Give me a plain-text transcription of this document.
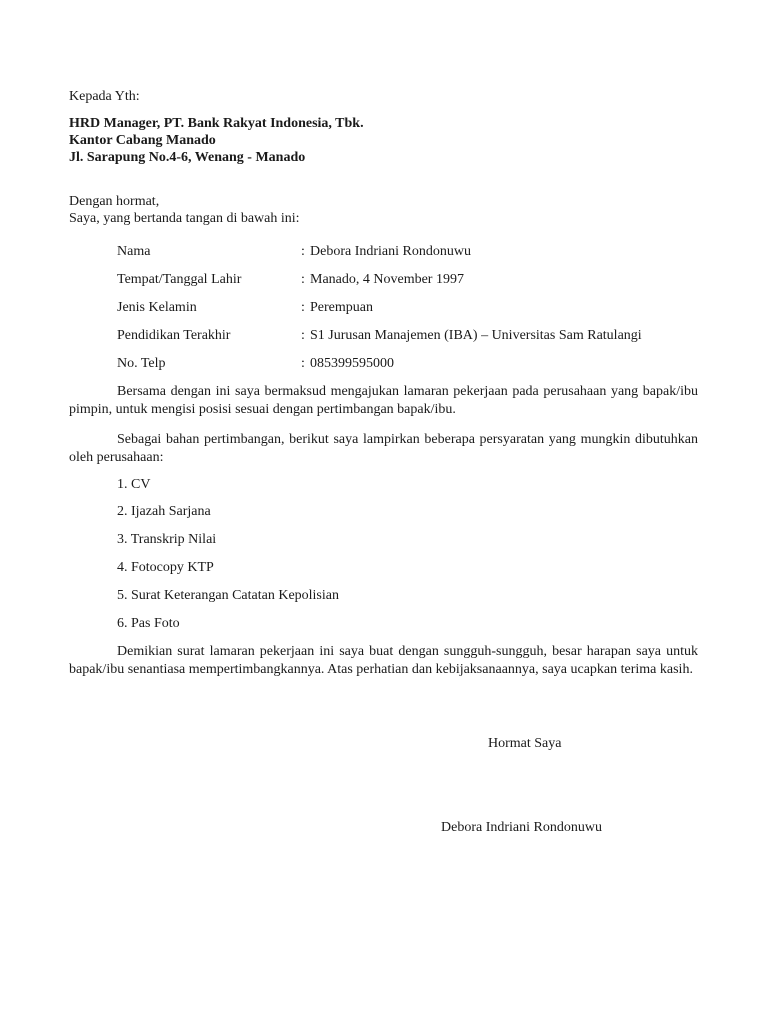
Kepada Yth:
HRD Manager, PT. Bank Rakyat Indonesia, Tbk.
Kantor Cabang Manado
Jl. Sarapung No.4-6, Wenang - Manado
Dengan hormat,
Saya, yang bertanda tangan di bawah ini:
Nama	: Debora Indriani Rondonuwu
Tempat/Tanggal Lahir	: Manado, 4 November 1997
Jenis Kelamin	: Perempuan
Pendidikan Terakhir	: S1 Jurusan Manajemen (IBA) – Universitas Sam Ratulangi
No. Telp	: 085399595000
Bersama dengan ini saya bermaksud mengajukan lamaran pekerjaan pada perusahaan yang bapak/ibu pimpin, untuk mengisi posisi sesuai dengan pertimbangan bapak/ibu.
Sebagai bahan pertimbangan, berikut saya lampirkan beberapa persyaratan yang mungkin dibutuhkan oleh perusahaan:
1. CV
2. Ijazah Sarjana
3. Transkrip Nilai
4. Fotocopy KTP
5. Surat Keterangan Catatan Kepolisian
6. Pas Foto
Demikian surat lamaran pekerjaan ini saya buat dengan sungguh-sungguh, besar harapan saya untuk bapak/ibu senantiasa mempertimbangkannya. Atas perhatian dan kebijaksanaannya, saya ucapkan terima kasih.
Hormat Saya
Debora Indriani Rondonuwu
